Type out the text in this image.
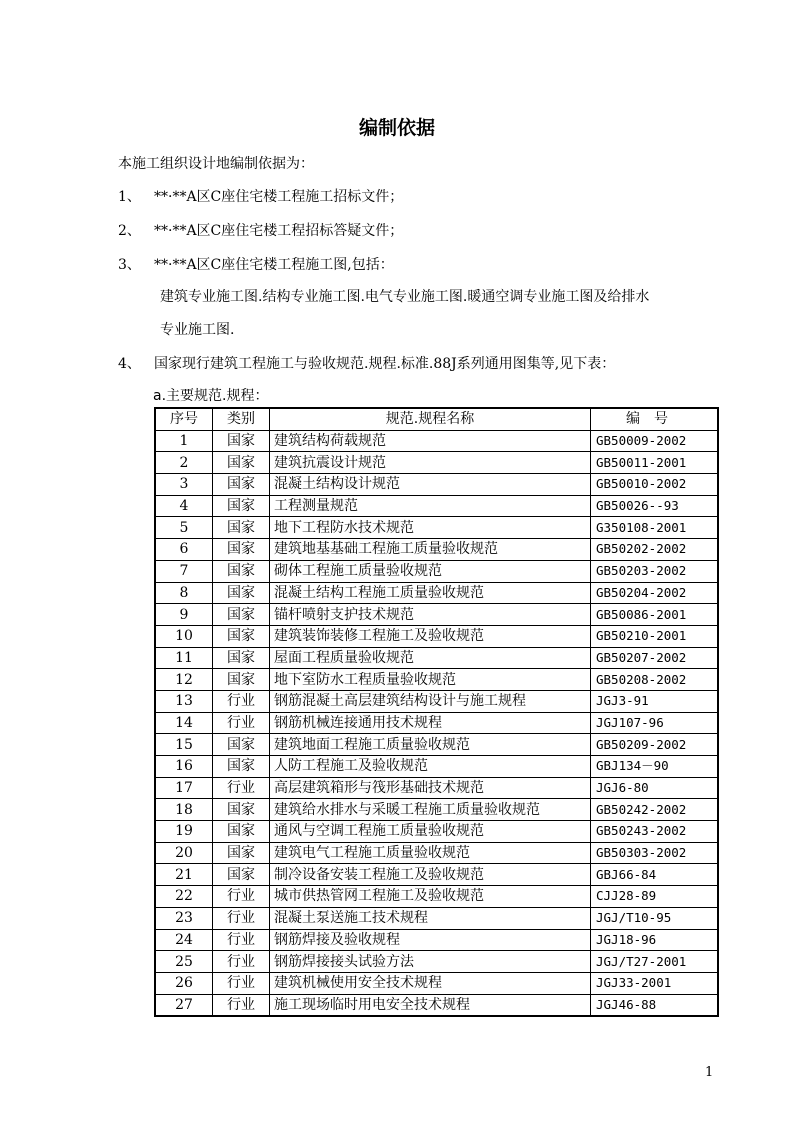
编制依据
本施工组织设计地编制依据为：
1、 **·**A区C座住宅楼工程施工招标文件；
2、 **·**A区C座住宅楼工程招标答疑文件；
3、 **·**A区C座住宅楼工程施工图,包括：
建筑专业施工图.结构专业施工图.电气专业施工图.暖通空调专业施工图及给排水
专业施工图.
4、 国家现行建筑工程施工与验收规范.规程.标准.88J系列通用图集等,见下表：
a.主要规范.规程：
序号	类别	规范.规程名称	编号
1	国家	建筑结构荷载规范	GB50009-2002
2	国家	建筑抗震设计规范	GB50011-2001
3	国家	混凝土结构设计规范	GB50010-2002
4	国家	工程测量规范	GB50026--93
5	国家	地下工程防水技术规范	G350108-2001
6	国家	建筑地基基础工程施工质量验收规范	GB50202-2002
7	国家	砌体工程施工质量验收规范	GB50203-2002
8	国家	混凝土结构工程施工质量验收规范	GB50204-2002
9	国家	锚杆喷射支护技术规范	GB50086-2001
10	国家	建筑装饰装修工程施工及验收规范	GB50210-2001
11	国家	屋面工程质量验收规范	GB50207-2002
12	国家	地下室防水工程质量验收规范	GB50208-2002
13	行业	钢筋混凝土高层建筑结构设计与施工规程	JGJ3-91
14	行业	钢筋机械连接通用技术规程	JGJ107-96
15	国家	建筑地面工程施工质量验收规范	GB50209-2002
16	国家	人防工程施工及验收规范	GBJ134－90
17	行业	高层建筑箱形与筏形基础技术规范	JGJ6-80
18	国家	建筑给水排水与采暖工程施工质量验收规范	GB50242-2002
19	国家	通风与空调工程施工质量验收规范	GB50243-2002
20	国家	建筑电气工程施工质量验收规范	GB50303-2002
21	国家	制冷设备安装工程施工及验收规范	GBJ66-84
22	行业	城市供热管网工程施工及验收规范	CJJ28-89
23	行业	混凝土泵送施工技术规程	JGJ/T10-95
24	行业	钢筋焊接及验收规程	JGJ18-96
25	行业	钢筋焊接接头试验方法	JGJ/T27-2001
26	行业	建筑机械使用安全技术规程	JGJ33-2001
27	行业	施工现场临时用电安全技术规程	JGJ46-88
1
